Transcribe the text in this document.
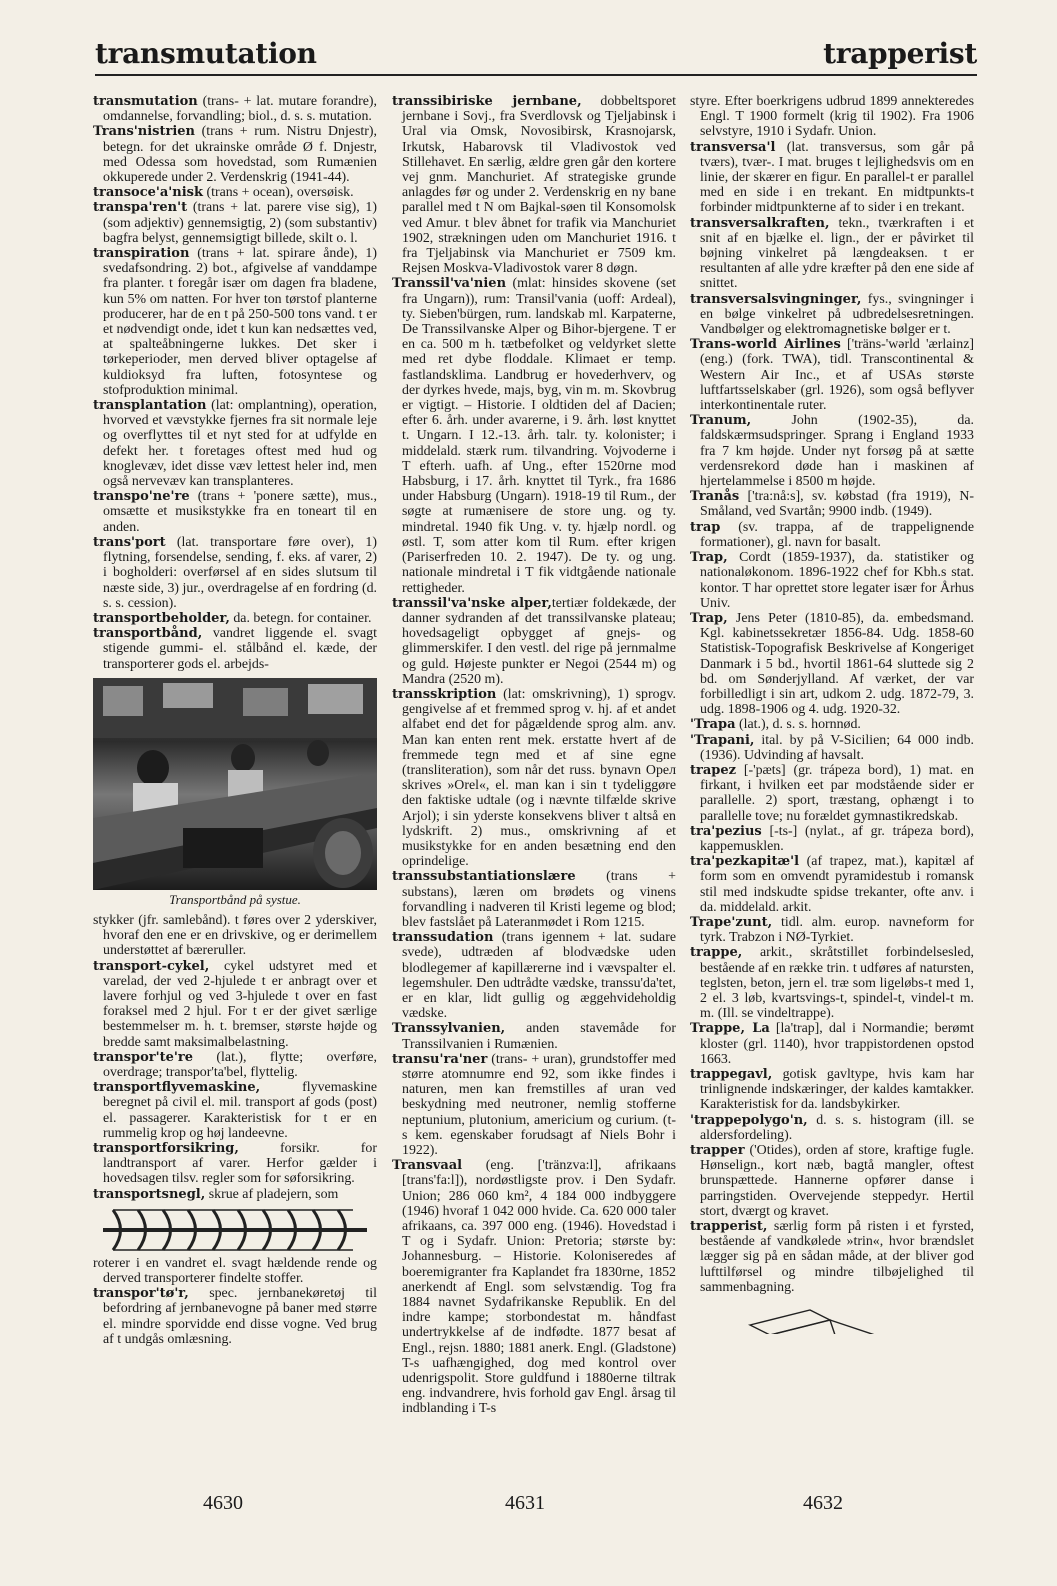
transmutation	trapperist

transmutation (trans- + lat. mutare forandre), omdannelse, forvandling; biol., d. s. s. mutation.

Trans'nistrien (trans + rum. Nistru Dnjestr), betegn. for det ukrainske område Ø f. Dnjestr, med Odessa som hovedstad, som Rumænien okkuperede under 2. Verdenskrig (1941-44).

transoce'a'nisk (trans + ocean), oversøisk.

transpa'ren't (trans + lat. parere vise sig), 1) (som adjektiv) gennemsigtig, 2) (som substantiv) bagfra belyst, gennemsigtigt billede, skilt o. l.

transpiration (trans + lat. spirare ånde), 1) svedafsondring. 2) bot., afgivelse af vanddampe fra planter. t foregår især om dagen fra bladene, kun 5% om natten. For hver ton tørstof planterne producerer, har de en t på 250-500 tons vand. t er et nødvendigt onde, idet t kun kan nedsættes ved, at spalteåbningerne lukkes. Det sker i tørkeperioder, men derved bliver optagelse af kuldioksyd fra luften, fotosyntese og stofproduktion minimal.

transplantation (lat: omplantning), operation, hvorved et vævstykke fjernes fra sit normale leje og overflyttes til et nyt sted for at udfylde en defekt her. t foretages oftest med hud og knoglevæv, idet disse væv lettest heler ind, men også nervevæv kan transplanteres.

transpo'ne're (trans + 'ponere sætte), mus., omsætte et musikstykke fra en toneart til en anden.

trans'port (lat. transportare føre over), 1) flytning, forsendelse, sending, f. eks. af varer, 2) i bogholderi: overførsel af en sides slutsum til næste side, 3) jur., overdragelse af en fordring (d. s. s. cession).

transportbeholder, da. betegn. for container.

transportbånd, vandret liggende el. svagt stigende gummi- el. stålbånd el. kæde, der transporterer gods el. arbejds-

Transportbånd på systue.

stykker (jfr. samlebånd). t føres over 2 yderskiver, hvoraf den ene er en drivskive, og er derimellem understøttet af bæreruller.

transport-cykel, cykel udstyret med et varelad, der ved 2-hjulede t er anbragt over et lavere forhjul og ved 3-hjulede t over en fast foraksel med 2 hjul. For t er der givet særlige bestemmelser m. h. t. bremser, største højde og bredde samt maksimalbelastning.

transpor'te're (lat.), flytte; overføre, overdrage; transpor'ta'bel, flyttelig.

transportflyvemaskine, flyvemaskine beregnet på civil el. mil. transport af gods (post) el. passagerer. Karakteristisk for t er en rummelig krop og høj landeevne.

transportforsikring, forsikr. for landtransport af varer. Herfor gælder i hovedsagen tilsv. regler som for søforsikring.

transportsnegl, skrue af pladejern, som

roterer i en vandret el. svagt hældende rende og derved transporterer findelte stoffer.

transpor'tø'r, spec. jernbanekøretøj til befordring af jernbanevogne på baner med større el. mindre sporvidde end disse vogne. Ved brug af t undgås omlæsning.

transsibiriske jernbane, dobbeltsporet jernbane i Sovj., fra Sverdlovsk og Tjeljabinsk i Ural via Omsk, Novosibirsk, Krasnojarsk, Irkutsk, Habarovsk til Vladivostok ved Stillehavet. En særlig, ældre gren går den kortere vej gnm. Manchuriet. Af strategiske grunde anlagdes før og under 2. Verdenskrig en ny bane parallel med t N om Bajkal-søen til Konsomolsk ved Amur. t blev åbnet for trafik via Manchuriet 1902, strækningen uden om Manchuriet 1916. t fra Tjeljabinsk via Manchuriet er 7509 km. Rejsen Moskva-Vladivostok varer 8 døgn.

Transsil'va'nien (mlat: hinsides skovene (set fra Ungarn)), rum: Transil'vania (uoff: Ardeal), ty. Sieben'bürgen, rum. landskab ml. Karpaterne, De Transsilvanske Alper og Bihor-bjergene. T er en ca. 500 m h. tætbefolket og veldyrket slette med ret dybe floddale. Klimaet er temp. fastlandsklima. Landbrug er hovederhverv, og der dyrkes hvede, majs, byg, vin m. m. Skovbrug er vigtigt. – Historie. I oldtiden del af Dacien; efter 6. årh. under avarerne, i 9. årh. løst knyttet t. Ungarn. I 12.-13. årh. talr. ty. kolonister; i middelald. stærk rum. tilvandring. Vojvoderne i T efterh. uafh. af Ung., efter 1520rne mod Habsburg, i 17. årh. knyttet til Tyrk., fra 1686 under Habsburg (Ungarn). 1918-19 til Rum., der søgte at rumænisere de store ung. og ty. mindretal. 1940 fik Ung. v. ty. hjælp nordl. og østl. T, som atter kom til Rum. efter krigen (Pariserfreden 10. 2. 1947). De ty. og ung. nationale mindretal i T fik vidtgående nationale rettigheder.

transsil'va'nske alper,tertiær foldekæde, der danner sydranden af det transsilvanske plateau; hovedsageligt opbygget af gnejs- og glimmerskifer. I den vestl. del rige på jernmalme og guld. Højeste punkter er Negoi (2544 m) og Mandra (2520 m).

transskription (lat: omskrivning), 1) sprogv. gengivelse af et fremmed sprog v. hj. af et andet alfabet end det for pågældende sprog alm. anv. Man kan enten rent mek. erstatte hvert af de fremmede tegn med et af sine egne (transliteration), som når det russ. bynavn Opeл skrives »Orel«, el. man kan i sin t tydeliggøre den faktiske udtale (og i nævnte tilfælde skrive Arjol); i sin yderste konsekvens bliver t altså en lydskrift. 2) mus., omskrivning af et musikstykke for en anden besætning end den oprindelige.

transsubstantiationslære (trans + substans), læren om brødets og vinens forvandling i nadveren til Kristi legeme og blod; blev fastslået på Lateranmødet i Rom 1215.

transsudation (trans igennem + lat. sudare svede), udtræden af blodvædske uden blodlegemer af kapillærerne ind i vævspalter el. legemshuler. Den udtrådte vædske, transsu'da'tet, er en klar, lidt gullig og æggehvideholdig vædske.

Transsylvanien, anden stavemåde for Transsilvanien i Rumænien.

transu'ra'ner (trans- + uran), grundstoffer med større atomnumre end 92, som ikke findes i naturen, men kan fremstilles af uran ved beskydning med neutroner, nemlig stofferne neptunium, plutonium, americium og curium. (t-s kem. egenskaber forudsagt af Niels Bohr i 1922).

Transvaal (eng. ['tränzva:l], afrikaans [trans'fa:l]), nordøstligste prov. i Den Sydafr. Union; 286 060 km², 4 184 000 indbyggere (1946) hvoraf 1 042 000 hvide. Ca. 620 000 taler afrikaans, ca. 397 000 eng. (1946). Hovedstad i T og i Sydafr. Union: Pretoria; største by: Johannesburg. – Historie. Koloniseredes af boeremigranter fra Kaplandet fra 1830rne, 1852 anerkendt af Engl. som selvstændig. Tog fra 1884 navnet Sydafrikanske Republik. En del indre kampe; storbondestat m. håndfast undertrykkelse af de indfødte. 1877 besat af Engl., rejsn. 1880; 1881 anerk. Engl. (Gladstone) T-s uafhængighed, dog med kontrol over udenrigspolit. Store guldfund i 1880erne tiltrak eng. indvandrere, hvis forhold gav Engl. årsag til indblanding i T-s

styre. Efter boerkrigens udbrud 1899 annekteredes Engl. T 1900 formelt (krig til 1902). Fra 1906 selvstyre, 1910 i Sydafr. Union.

transversa'l (lat. transversus, som går på tværs), tvær-. I mat. bruges t lejlighedsvis om en linie, der skærer en figur. En parallel-t er parallel med en side i en trekant. En midtpunkts-t forbinder midtpunkterne af to sider i en trekant.

transversalkraften, tekn., tværkraften i et snit af en bjælke el. lign., der er påvirket til bøjning vinkelret på længdeaksen. t er resultanten af alle ydre kræfter på den ene side af snittet.

transversalsvingninger, fys., svingninger i en bølge vinkelret på udbredelsesretningen. Vandbølger og elektromagnetiske bølger er t.

Trans-world Airlines ['träns-'wərld 'ærlainz] (eng.) (fork. TWA), tidl. Transcontinental & Western Air Inc., et af USAs største luftfartsselskaber (grl. 1926), som også beflyver interkontinentale ruter.

Tranum, John (1902-35), da. faldskærmsudspringer. Sprang i England 1933 fra 7 km højde. Under nyt forsøg på at sætte verdensrekord døde han i maskinen af hjertelammelse i 8500 m højde.

Tranås ['tra:nå:s], sv. købstad (fra 1919), N-Småland, ved Svartån; 9900 indb. (1949).

trap (sv. trappa, af de trappelignende formationer), gl. navn for basalt.

Trap, Cordt (1859-1937), da. statistiker og nationaløkonom. 1896-1922 chef for Kbh.s stat. kontor. T har oprettet store legater især for Århus Univ.

Trap, Jens Peter (1810-85), da. embedsmand. Kgl. kabinetssekretær 1856-84. Udg. 1858-60 Statistisk-Topografisk Beskrivelse af Kongeriget Danmark i 5 bd., hvortil 1861-64 sluttede sig 2 bd. om Sønderjylland. Af værket, der var forbilledligt i sin art, udkom 2. udg. 1872-79, 3. udg. 1898-1906 og 4. udg. 1920-32.

'Trapa (lat.), d. s. s. hornnød.

'Trapani, ital. by på V-Sicilien; 64 000 indb. (1936). Udvinding af havsalt.

trapez [-'pæts] (gr. trápeza bord), 1) mat. en firkant, i hvilken eet par modstående sider er parallelle. 2) sport, træstang, ophængt i to parallelle tove; nu forældet gymnastikredskab.

tra'pezius [-ts-] (nylat., af gr. trápeza bord), kappemusklen.

tra'pezkapitæ'l (af trapez, mat.), kapitæl af form som en omvendt pyramidestub i romansk stil med indskudte spidse trekanter, ofte anv. i da. middelald. arkit.

Trape'zunt, tidl. alm. europ. navneform for tyrk. Trabzon i NØ-Tyrkiet.

trappe, arkit., skråtstillet forbindelsesled, bestående af en række trin. t udføres af natursten, teglsten, beton, jern el. træ som ligeløbs-t med 1, 2 el. 3 løb, kvartsvings-t, spindel-t, vindel-t m. m. (Ill. se vindeltrappe).

Trappe, La [la'trap], dal i Normandie; berømt kloster (grl. 1140), hvor trappistordenen opstod 1663.

trappegavl, gotisk gavltype, hvis kam har trinlignende indskæringer, der kaldes kamtakker. Karakteristisk for da. landsbykirker.

'trappepolygo'n, d. s. s. histogram (ill. se aldersfordeling).

trapper ('Otides), orden af store, kraftige fugle. Hønselign., kort næb, bagtå mangler, oftest brunspættede. Hannerne opfører danse i parringstiden. Overvejende steppedyr. Hertil stort, dværgt og kravet.

trapperist, særlig form på risten i et fyrsted, bestående af vandkølede »trin«, hvor brændslet lægger sig på en sådan måde, at der bliver god lufttilførsel og mindre tilbøjelighed til sammenbagning.

4630	4631	4632
